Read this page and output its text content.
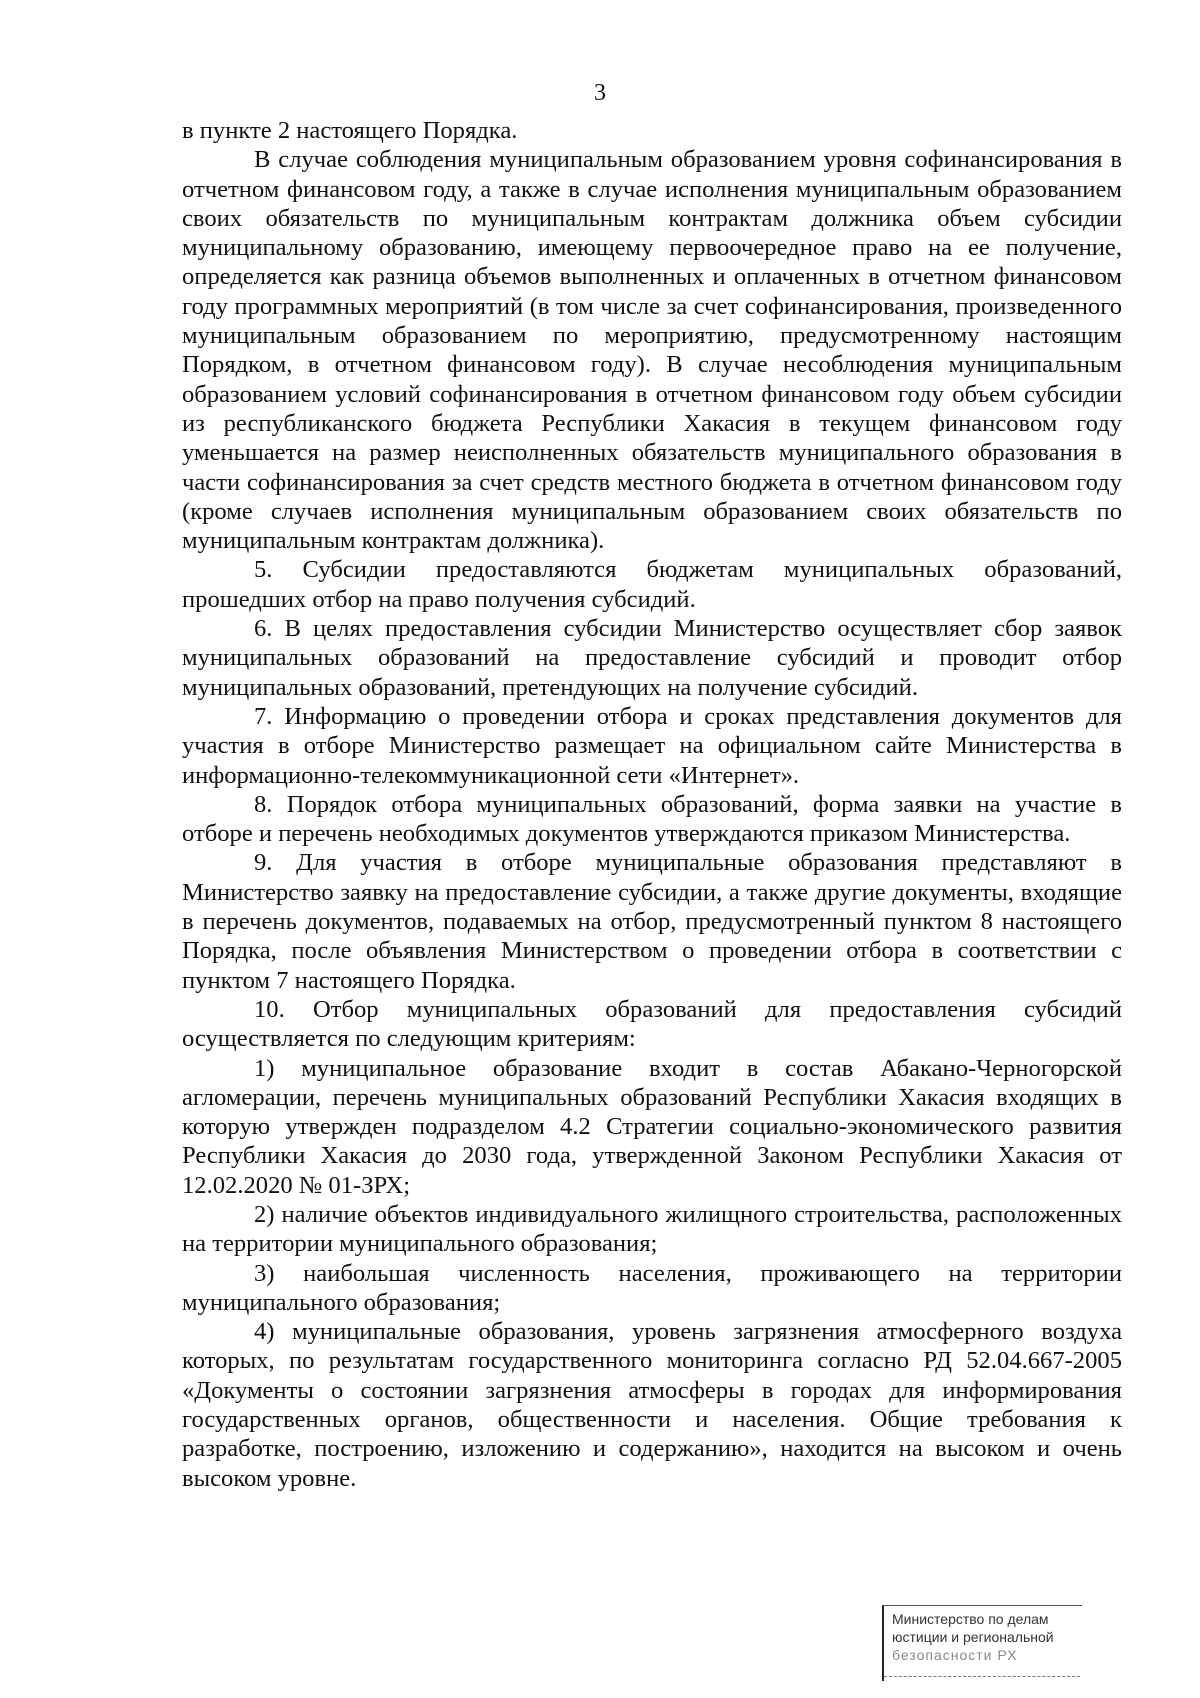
3

в пункте 2 настоящего Порядка.

В случае соблюдения муниципальным образованием уровня софинансирования в отчетном финансовом году, а также в случае исполнения муниципальным образованием своих обязательств по муниципальным контрактам должника объем субсидии муниципальному образованию, имеющему первоочередное право на ее получение, определяется как разница объемов выполненных и оплаченных в отчетном финансовом году программных мероприятий (в том числе за счет софинансирования, произведенного муниципальным образованием по мероприятию, предусмотренному настоящим Порядком, в отчетном финансовом году). В случае несоблюдения муниципальным образованием условий софинансирования в отчетном финансовом году объем субсидии из республиканского бюджета Республики Хакасия в текущем финансовом году уменьшается на размер неисполненных обязательств муниципального образования в части софинансирования за счет средств местного бюджета в отчетном финансовом году (кроме случаев исполнения муниципальным образованием своих обязательств по муниципальным контрактам должника).

5. Субсидии предоставляются бюджетам муниципальных образований, прошедших отбор на право получения субсидий.

6. В целях предоставления субсидии Министерство осуществляет сбор заявок муниципальных образований на предоставление субсидий и проводит отбор муниципальных образований, претендующих на получение субсидий.

7. Информацию о проведении отбора и сроках представления документов для участия в отборе Министерство размещает на официальном сайте Министерства в информационно-телекоммуникационной сети «Интернет».

8. Порядок отбора муниципальных образований, форма заявки на участие в отборе и перечень необходимых документов утверждаются приказом Министерства.

9. Для участия в отборе муниципальные образования представляют в Министерство заявку на предоставление субсидии, а также другие документы, входящие в перечень документов, подаваемых на отбор, предусмотренный пунктом 8 настоящего Порядка, после объявления Министерством о проведении отбора в соответствии с пунктом 7 настоящего Порядка.

10. Отбор муниципальных образований для предоставления субсидий осуществляется по следующим критериям:

1) муниципальное образование входит в состав Абакано-Черногорской агломерации, перечень муниципальных образований Республики Хакасия входящих в которую утвержден подразделом 4.2 Стратегии социально-экономического развития Республики Хакасия до 2030 года, утвержденной Законом Республики Хакасия от 12.02.2020 № 01-ЗРХ;

2) наличие объектов индивидуального жилищного строительства, расположенных на территории муниципального образования;

3) наибольшая численность населения, проживающего на территории муниципального образования;

4) муниципальные образования, уровень загрязнения атмосферного воздуха которых, по результатам государственного мониторинга согласно РД 52.04.667-2005 «Документы о состоянии загрязнения атмосферы в городах для информирования государственных органов, общественности и населения. Общие требования к разработке, построению, изложению и содержанию», находится на высоком и очень высоком уровне.

Министерство по делам
юстиции и региональной
безопасности РХ
